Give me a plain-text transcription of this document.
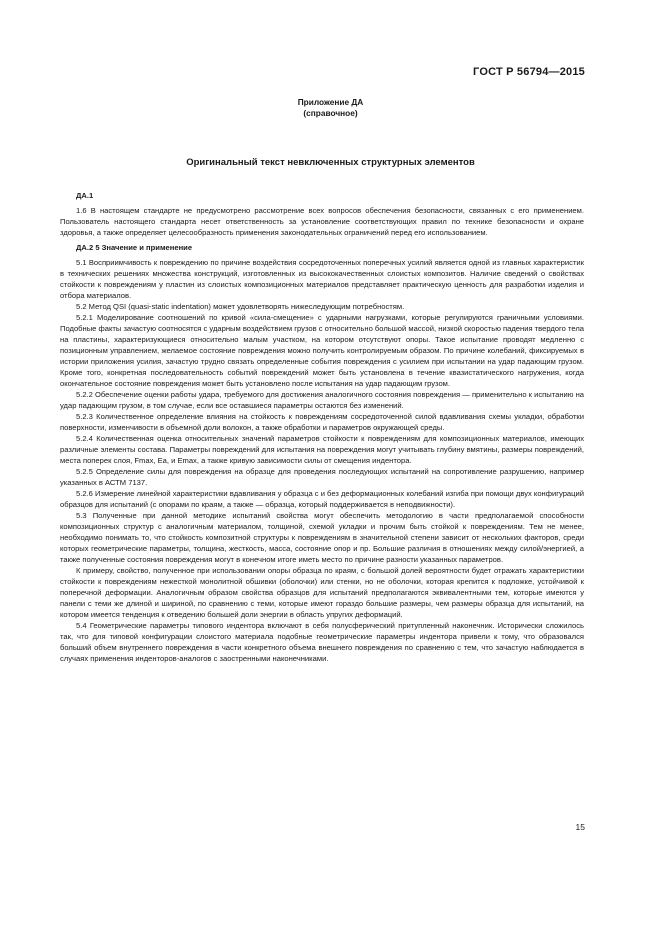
ГОСТ Р 56794—2015
Приложение ДА
(справочное)
Оригинальный текст невключенных структурных элементов

ДА.1

1.6 В настоящем стандарте не предусмотрено рассмотрение всех вопросов обеспечения безопасности, связанных с его применением. Пользователь настоящего стандарта несет ответственность за установление соответствующих правил по технике безопасности и охране здоровья, а также определяет целесообразность применения законодательных ограничений перед его использованием.

ДА.2 5 Значение и применение

5.1 Восприимчивость к повреждению по причине воздействия сосредоточенных поперечных усилий является одной из главных характеристик в технических решениях множества конструкций, изготовленных из высококачественных слоистых композитов. Наличие сведений о свойствах стойкости к повреждениям у пластин из слоистых композиционных материалов представляет практическую ценность для разработки изделия и отбора материалов.

5.2 Метод QSI (quasi-static indentation) может удовлетворять нижеследующим потребностям.

5.2.1 Моделирование соотношений по кривой «сила-смещение» с ударными нагрузками, которые регулируются граничными условиями. Подобные факты зачастую соотносятся с ударным воздействием грузов с относительно большой массой, низкой скоростью падения твердого тела на пластины, характеризующиеся относительно малым участком, на котором отсутствуют опоры. Такое испытание проводят медленно с позиционным управлением, желаемое состояние повреждения можно получить контролируемым образом. По причине колебаний, фиксируемых в истории приложения усилия, зачастую трудно связать определенные события повреждения с усилием при испытании на удар падающим грузом. Кроме того, конкретная последовательность событий повреждений может быть установлена в течение квазистатического нагружения, когда окончательное состояние повреждения может быть установлено после испытания на удар падающим грузом.

5.2.2 Обеспечение оценки работы удара, требуемого для достижения аналогичного состояния повреждения — применительно к испытанию на удар падающим грузом, в том случае, если все оставшиеся параметры остаются без изменений.

5.2.3 Количественное определение влияния на стойкость к повреждениям сосредоточенной силой вдавливания схемы укладки, обработки поверхности, изменчивости в объемной доли волокон, а также обработки и параметров окружающей среды.

5.2.4 Количественная оценка относительных значений параметров стойкости к повреждениям для композиционных материалов, имеющих различные элементы состава. Параметры повреждений для испытания на повреждения могут учитывать глубину вмятины, размеры повреждений, места поперек слоя, Fmax, Ea, и Emax, а также кривую зависимости силы от смещения индентора.

5.2.5 Определение силы для повреждения на образце для проведения последующих испытаний на сопротивление разрушению, например указанных в АСТМ 7137.

5.2.6 Измерение линейной характеристики вдавливания у образца с и без деформационных колебаний изгиба при помощи двух конфигураций образцов для испытаний (с опорами по краям, а также — образца, который поддерживается в неподвижности).

5.3 Полученные при данной методике испытаний свойства могут обеспечить методологию в части предполагаемой способности композиционных структур с аналогичным материалом, толщиной, схемой укладки и прочим быть стойкой к повреждениям. Тем не менее, необходимо понимать то, что стойкость композитной структуры к повреждениям в значительной степени зависит от нескольких факторов, среди которых геометрические параметры, толщина, жесткость, масса, состояние опор и пр. Большие различия в отношениях между силой/энергией, а также полученные состояния повреждения могут в конечном итоге иметь место по причине разности указанных параметров.

К примеру, свойство, полученное при использовании опоры образца по краям, с большой долей вероятности будет отражать характеристики стойкости к повреждениям нежесткой монолитной обшивки (оболочки) или стенки, но не оболочки, которая крепится к подложке, устойчивой к поперечной деформации. Аналогичным образом свойства образцов для испытаний предполагаются эквивалентными тем, которые имеются у панели с теми же длиной и шириной, по сравнению с теми, которые имеют гораздо большие размеры, чем размеры образца для испытаний, на котором имеется тенденция к отведению большей доли энергии в область упругих деформаций.

5.4 Геометрические параметры типового индентора включают в себя полусферический притупленный наконечник. Исторически сложилось так, что для типовой конфигурации слоистого материала подобные геометрические параметры индентора привели к тому, что образовался больший объем внутреннего повреждения в части конкретного объема внешнего повреждения по сравнению с тем, что зачастую наблюдается в случаях применения инденторов-аналогов с заостренными наконечниками.

15
